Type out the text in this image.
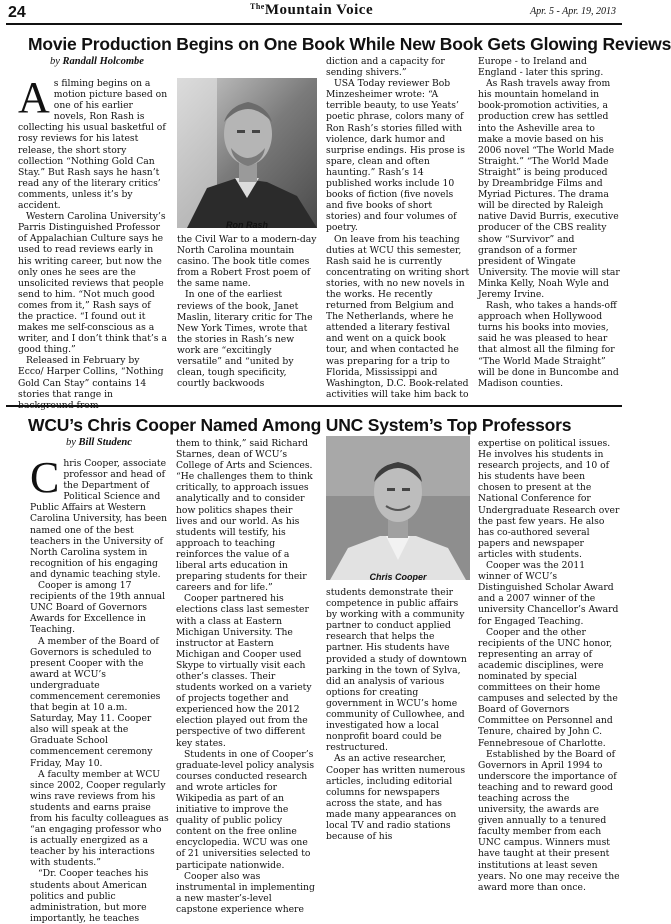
24	$^{The}$Mountain Voice	Apr. 5 - Apr. 19, 2013
Movie Production Begins on One Book While New Book Gets Glowing Reviews
by Randall Holcombe
A s filming begins on a motion picture based on one of his earlier novels, Ron Rash is collecting his usual basketful of rosy reviews for his latest release, the short story collection “Nothing Gold Can Stay.” But Rash says he hasn’t read any of the literary critics’ comments, unless it’s by accident.

Western Carolina University’s Parris Distinguished Professor of Appalachian Culture says he used to read reviews early in his writing career, but now the only ones he sees are the unsolicited reviews that people send to him. “Not much good comes from it,” Rash says of the practice. “I found out it makes me self-conscious as a writer, and I don’t think that’s a good thing.”

Released in February by Ecco/ Harper Collins, “Nothing Gold Can Stay” contains 14 stories that range in

Ron Rash

the Civil War to a modern-day North Carolina mountain casino. The book title comes from a Robert Frost poem of the same name.

In one of the earliest reviews of the book, Janet Maslin, literary critic for The New York Times, wrote that the stories in Rash’s new work are “excitingly versatile” and “united by clean, tough specificity, courtly backwoods

diction and a capacity for sending shivers.”

USA Today reviewer Bob Minzesheimer wrote: “A terrible beauty, to use Yeats’ poetic phrase, colors many of Ron Rash’s stories filled with violence, dark humor and surprise endings. His prose is spare, clean and often haunting.” Rash’s 14 published works include 10 books of fiction (five novels and five books of short stories) and four volumes of poetry.

On leave from his teaching duties at WCU this semester, Rash said he is currently concentrating on writing short stories, with no new novels in the works. He recently returned from Belgium and The Netherlands, where he attended a literary festival and went on a quick book tour, and when contacted he was preparing for a trip to Florida, Mississippi and Washington, D.C. Book-related activities will take him back to

Europe - to Ireland and England - later this spring.

As Rash travels away from his mountain homeland in book-promotion activities, a production crew has settled into the Asheville area to make a movie based on his 2006 novel “The World Made Straight.” “The World Made Straight” is being produced by Dreambridge Films and Myriad Pictures. The drama will be directed by Raleigh native David Burris, executive producer of the CBS reality show “Survivor” and grandson of a former president of Wingate University. The movie will star Minka Kelly, Noah Wyle and Jeremy Irvine.

Rash, who takes a hands-off approach when Hollywood turns his books into movies, said he was pleased to hear that almost all the filming for “The World Made Straight” will be done in Buncombe and Madison counties.

WCU’s Chris Cooper Named Among UNC System’s Top Professors
by Bill Studenc
C hris Cooper, associate professor and head of the Department of Political Science and Public Affairs at Western Carolina University, has been named one of the best teachers in the University of North Carolina system in recognition of his engaging and dynamic teaching style.

Cooper is among 17 recipients of the 19th annual UNC Board of Governors Awards for Excellence in Teaching.

A member of the Board of Governors is scheduled to present Cooper with the award at WCU’s undergraduate commencement ceremonies that begin at 10 a.m. Saturday, May 11. Cooper also will speak at the Graduate School commencement ceremony Friday, May 10.

A faculty member at WCU since 2002, Cooper regularly wins rave reviews from his students and earns praise from his faculty colleagues as “an engaging professor who is actually energized as a teacher by his interactions with students.”

“Dr. Cooper teaches his students about American politics and public administration, but more importantly, he teaches

them to think,” said Richard Starnes, dean of WCU’s College of Arts and Sciences. “He challenges them to think critically, to approach issues analytically and to consider how politics shapes their lives and our world. As his students will testify, his approach to teaching reinforces the value of a liberal arts education in preparing students for their careers and for life.”

Cooper partnered his elections class last semester with a class at Eastern Michigan University. The instructor at Eastern Michigan and Cooper used Skype to virtually visit each other’s classes. Their students worked on a variety of projects together and experienced how the 2012 election played out from the perspective of two different key states.

Students in one of Cooper’s graduate-level policy analysis courses conducted research and wrote articles for Wikipedia as part of an initiative to improve the quality of public policy content on the free online encyclopedia. WCU was one of 21 universities selected to participate nationwide.

Cooper also was instrumental in implementing a new master’s-level capstone experience where

Chris Cooper

students demonstrate their competence in public affairs by working with a community partner to conduct applied research that helps the partner. His students have provided a study of downtown parking in the town of Sylva, did an analysis of various options for creating government in WCU’s home community of Cullowhee, and investigated how a local nonprofit board could be restructured.

As an active researcher, Cooper has written numerous articles, including editorial columns for newspapers across the state, and has made many appearances on local TV and radio stations because of his

expertise on political issues. He involves his students in research projects, and 10 of his students have been chosen to present at the National Conference for Undergraduate Research over the past few years. He also has co-authored several papers and newspaper articles with students.

Cooper was the 2011 winner of WCU’s Distinguished Scholar Award and a 2007 winner of the university Chancellor’s Award for Engaged Teaching.

Cooper and the other recipients of the UNC honor, representing an array of academic disciplines, were nominated by special committees on their home campuses and selected by the Board of Governors Committee on Personnel and Tenure, chaired by John C. Fennebresoue of Charlotte.

Established by the Board of Governors in April 1994 to underscore the importance of teaching and to reward good teaching across the university, the awards are given annually to a tenured faculty member from each UNC campus. Winners must have taught at their present institutions at least seven years. No one may receive the award more than once.
